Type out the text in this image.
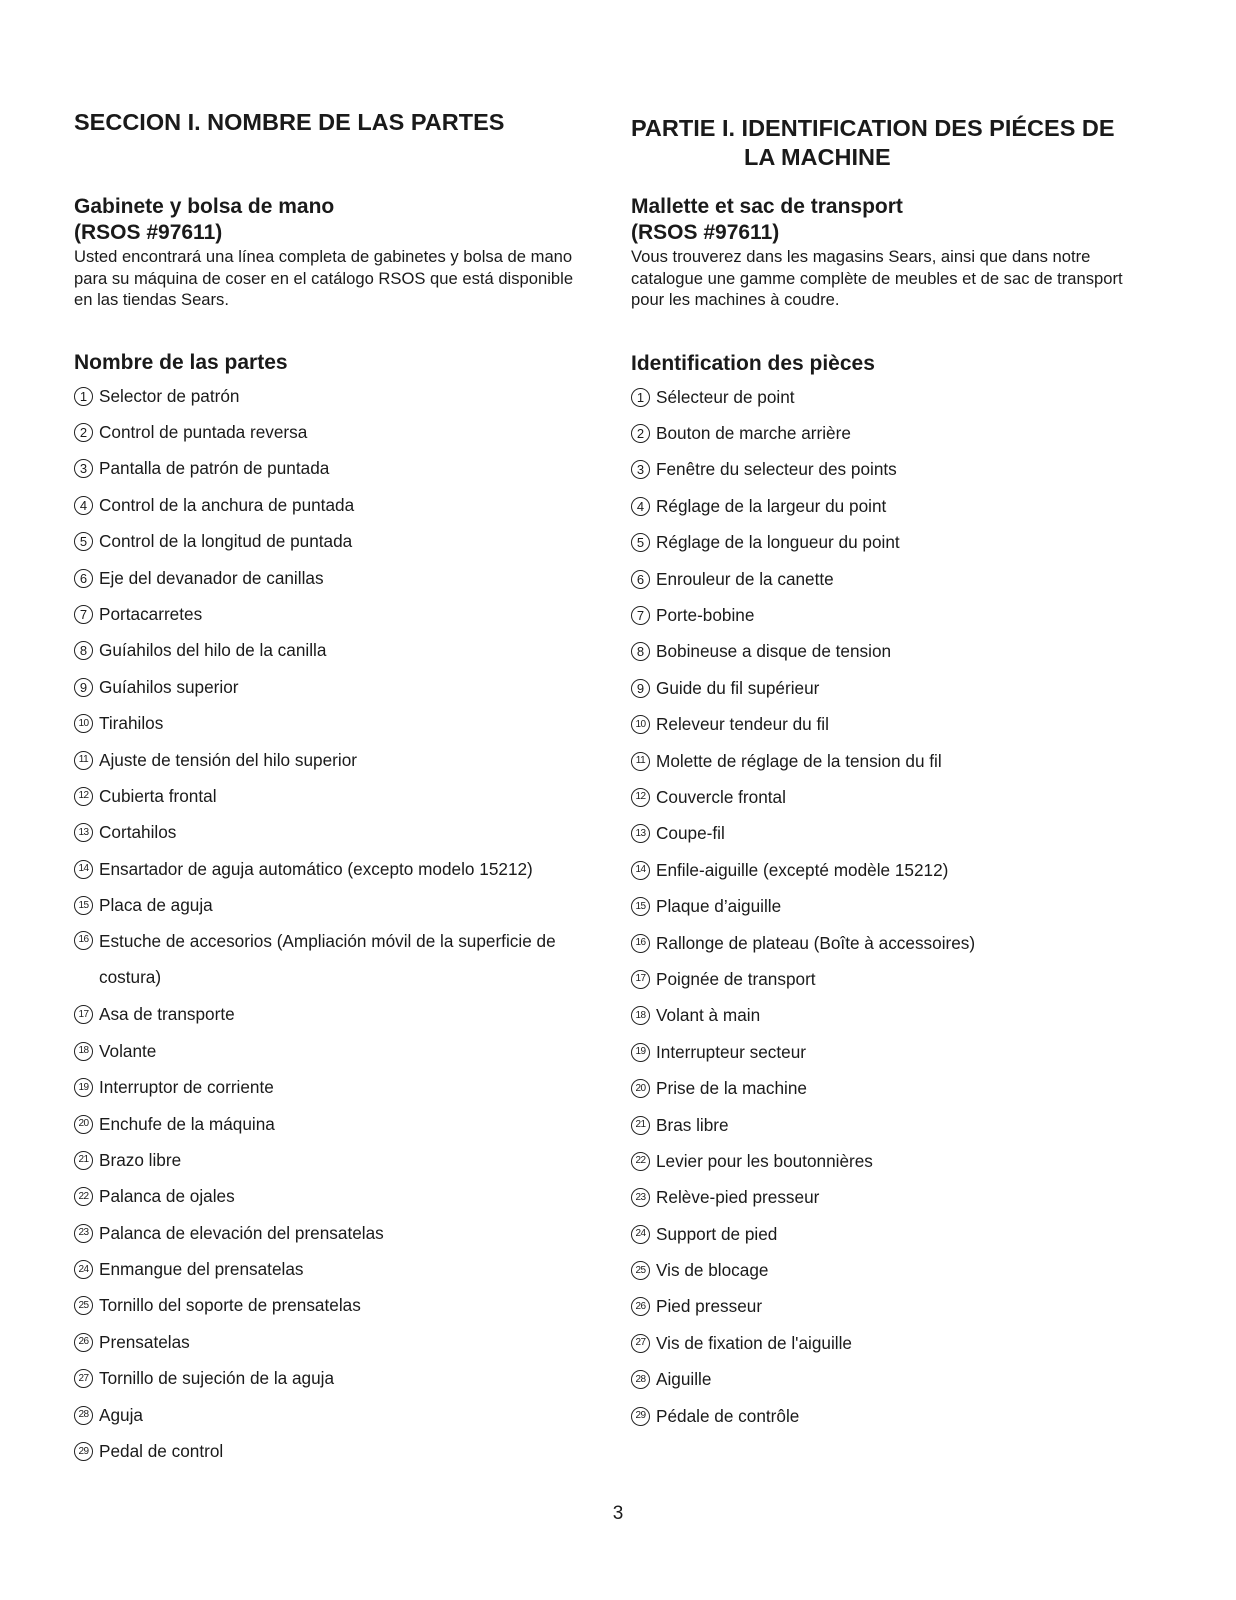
SECCION I. NOMBRE DE LAS PARTES
Gabinete y bolsa de mano
(RSOS #97611)

Usted encontrará una línea completa de gabinetes y bolsa de mano para su máquina de coser en el catálogo RSOS que está disponible en las tiendas Sears.

Nombre de las partes
1 Selector de patrón
2 Control de puntada reversa
3 Pantalla de patrón de puntada
4 Control de la anchura de puntada
5 Control de la longitud de puntada
6 Eje del devanador de canillas
7 Portacarretes
8 Guíahilos del hilo de la canilla
9 Guíahilos superior
10 Tirahilos
11 Ajuste de tensión del hilo superior
12 Cubierta frontal
13 Cortahilos
14 Ensartador de aguja automático (excepto modelo 15212)
15 Placa de aguja
16 Estuche de accesorios (Ampliación móvil de la superficie de costura)
17 Asa de transporte
18 Volante
19 Interruptor de corriente
20 Enchufe de la máquina
21 Brazo libre
22 Palanca de ojales
23 Palanca de elevación del prensatelas
24 Enmangue del prensatelas
25 Tornillo del soporte de prensatelas
26 Prensatelas
27 Tornillo de sujeción de la aguja
28 Aguja
29 Pedal de control
PARTIE I. IDENTIFICATION DES PIÉCES DE
LA MACHINE
Mallette et sac de transport
(RSOS #97611)

Vous trouverez dans les magasins Sears, ainsi que dans notre catalogue une gamme complète de meubles et de sac de transport pour les machines à coudre.

Identification des pièces
1 Sélecteur de point
2 Bouton de marche arrière
3 Fenêtre du selecteur des points
4 Réglage de la largeur du point
5 Réglage de la longueur du point
6 Enrouleur de la canette
7 Porte-bobine
8 Bobineuse a disque de tension
9 Guide du fil supérieur
10 Releveur tendeur du fil
11 Molette de réglage de la tension du fil
12 Couvercle frontal
13 Coupe-fil
14 Enfile-aiguille (excepté modèle 15212)
15 Plaque d’aiguille
16 Rallonge de plateau (Boîte à accessoires)
17 Poignée de transport
18 Volant à main
19 Interrupteur secteur
20 Prise de la machine
21 Bras libre
22 Levier pour les boutonnières
23 Relève-pied presseur
24 Support de pied
25 Vis de blocage
26 Pied presseur
27 Vis de fixation de l'aiguille
28 Aiguille
29 Pédale de contrôle
3
